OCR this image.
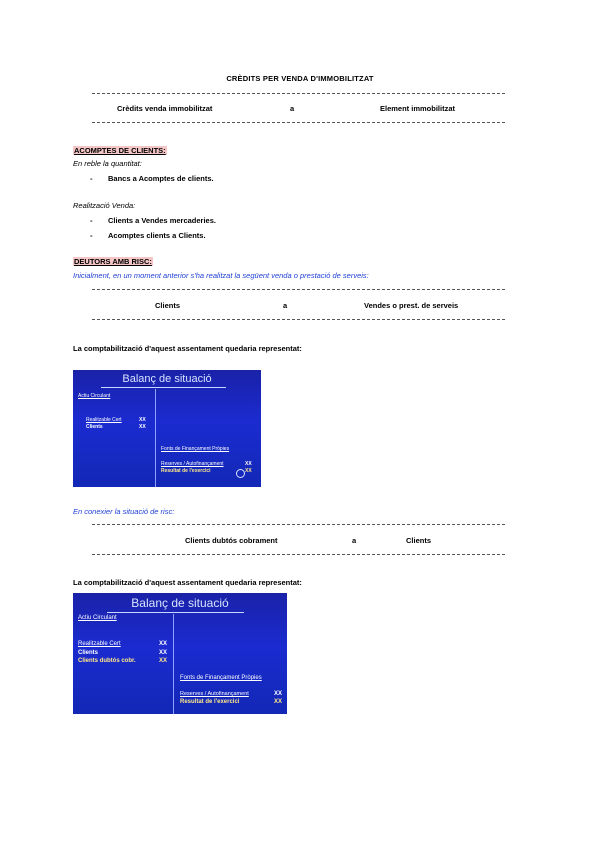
CRÈDITS PER VENDA D'IMMOBILITZAT
Crèdits venda immobilitzat	a	Element immobilitzat
ACOMPTES DE CLIENTS:
En reble la quantitat:
- Bancs a Acomptes de clients.
Realització Venda:
- Clients a Vendes mercaderies.
- Acomptes clients a Clients.
DEUTORS AMB RISC:
Inicialment, en un moment anterior s'ha realitzat la següent venda o prestació de serveis:
Clients	a	Vendes o prest. de serveis
La comptabilització d'aquest assentament quedaria representat:
Balanç de situació
Actiu Circulant
Realitzable Cert	XX
Clients	XX
Fonts de Finançament Pròpies
Reserves / Autofinançament	XX
Resultat de l'exercici	XX
En conexier la situació de risc:
Clients dubtós cobrament	a	Clients
La comptabilització d'aquest assentament quedaria representat:
Balanç de situació
Actiu Circulant
Realitzable Cert	XX
Clients	XX
Clients dubtós cobr.	XX
Fonts de Finançament Pròpies
Reserves / Autofinançament	XX
Resultat de l'exercici	XX
